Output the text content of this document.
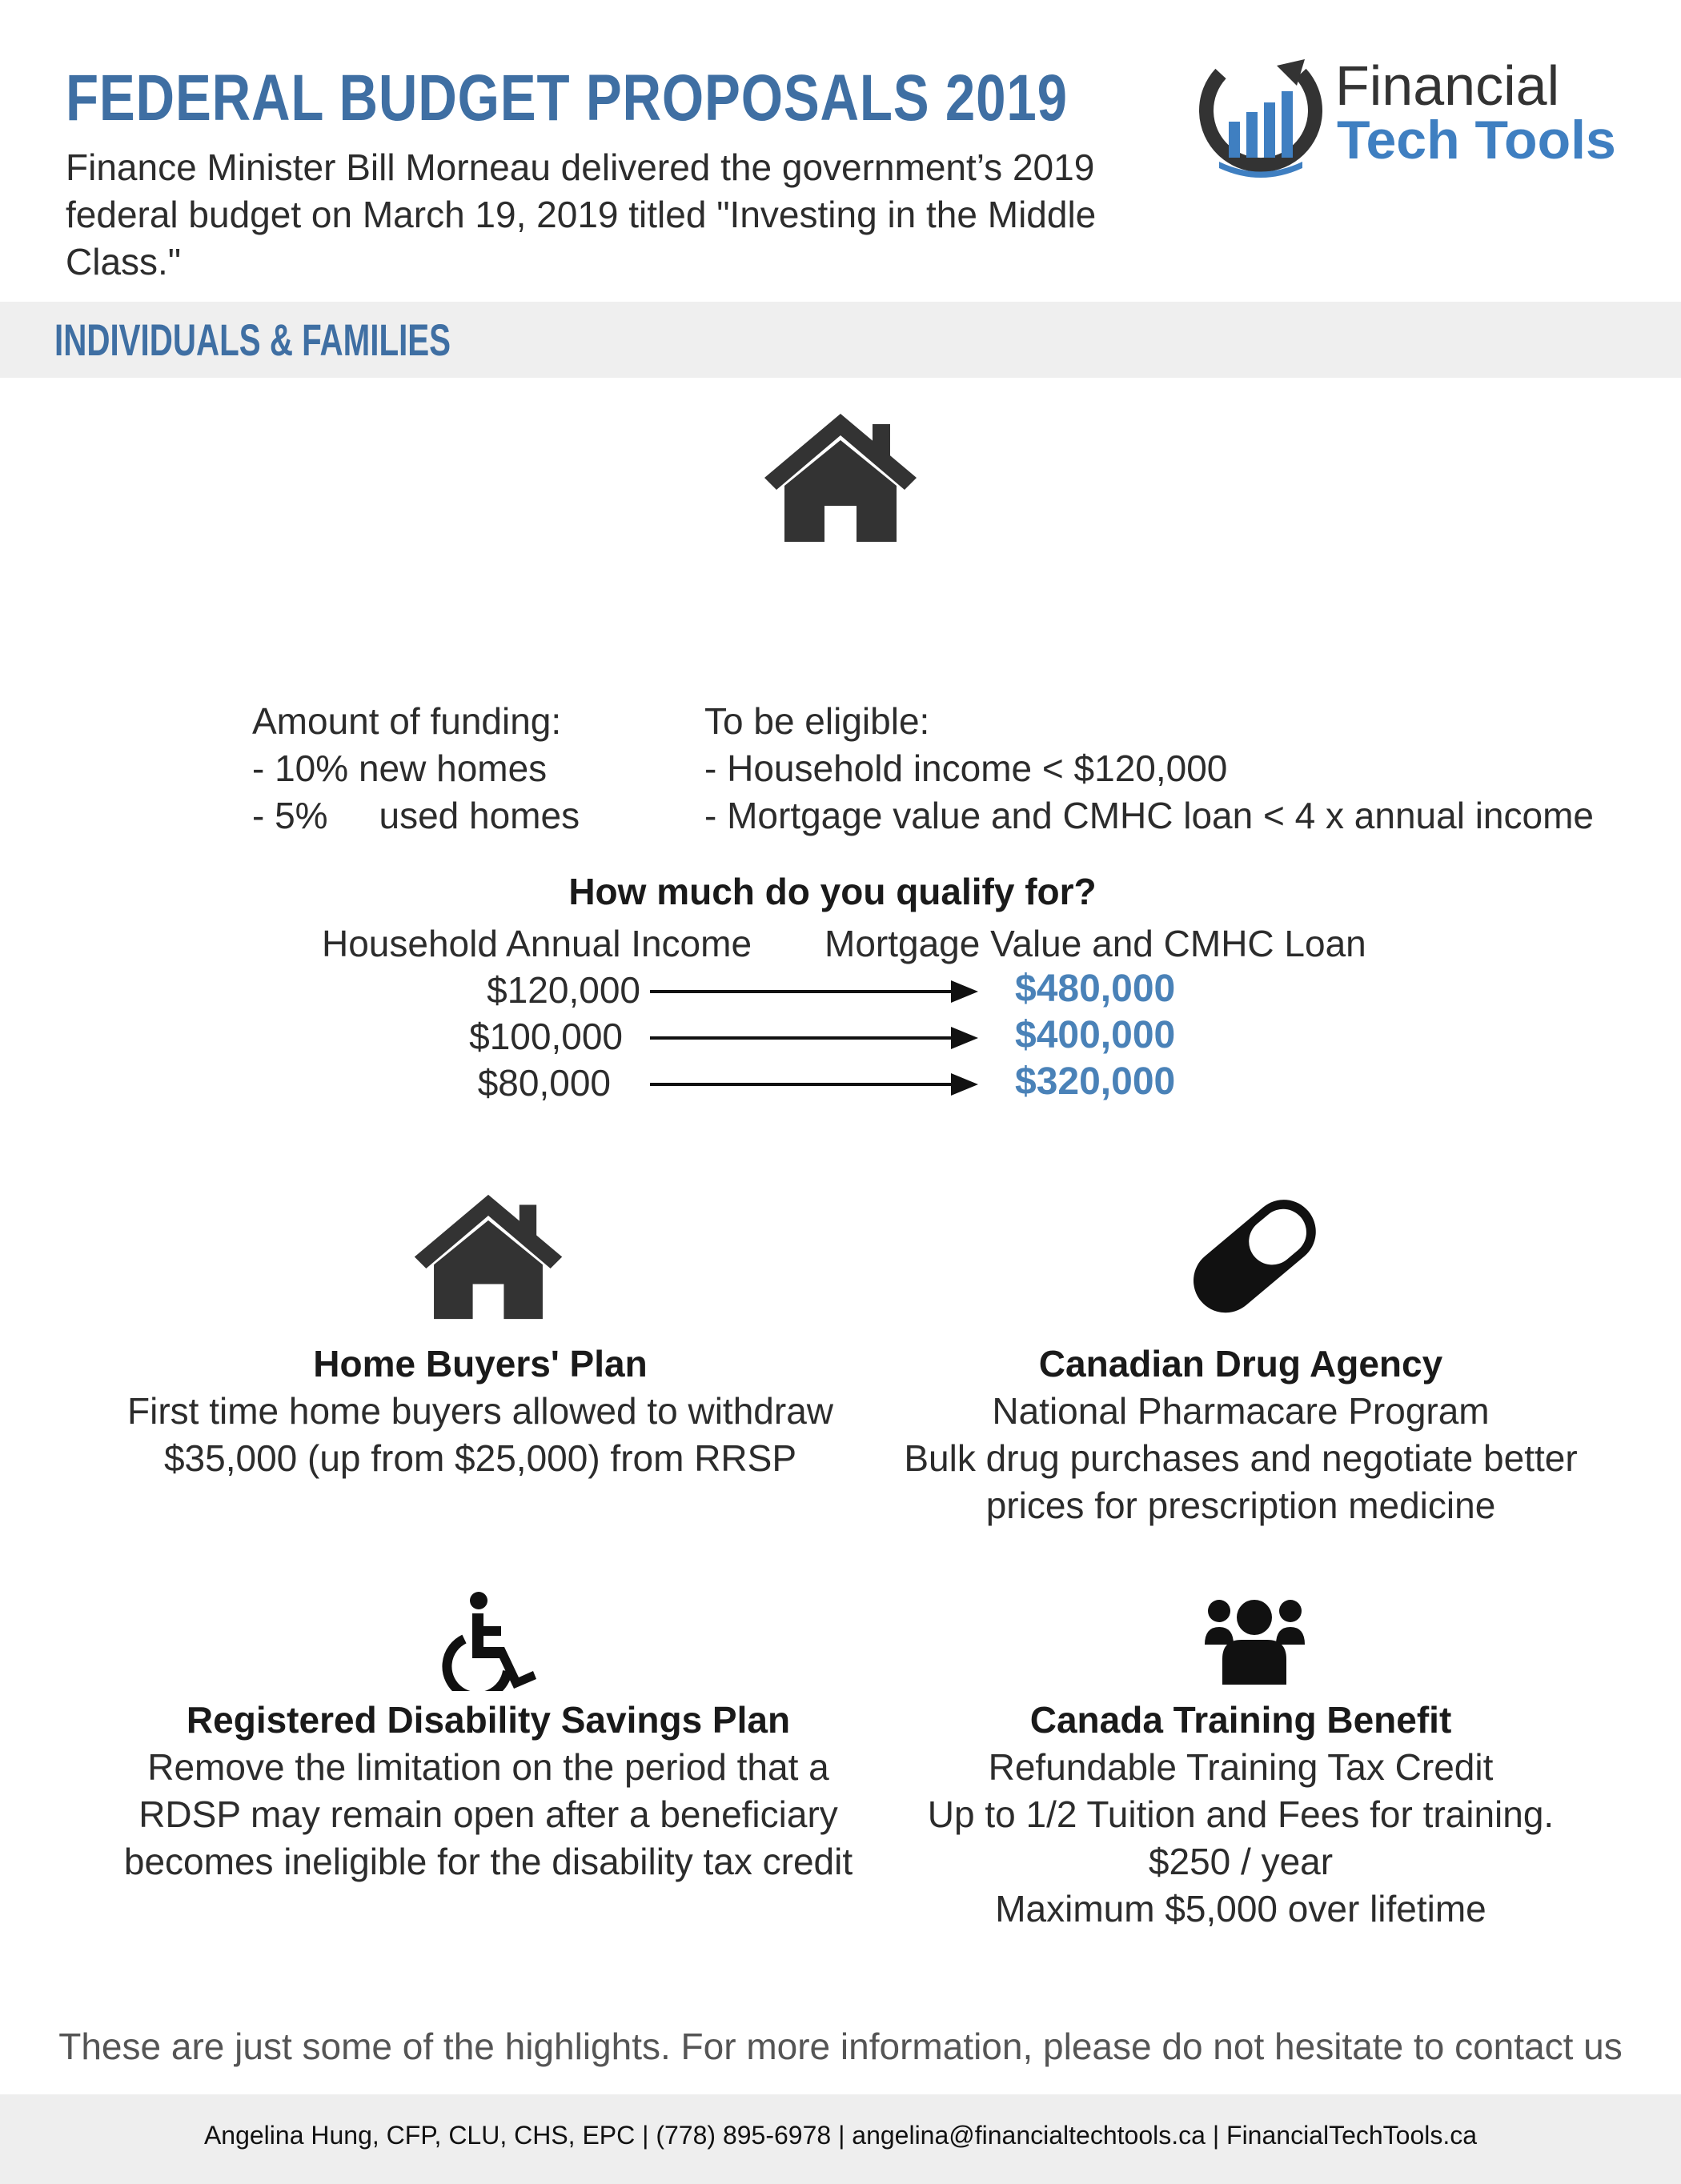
FEDERAL BUDGET PROPOSALS 2019
Finance Minister Bill Morneau delivered the government’s 2019
federal budget on March 19, 2019 titled "Investing in the Middle
Class."
Financial
Tech Tools
INDIVIDUALS & FAMILIES
Amount of funding:
- 10% new homes
- 5%     used homes
To be eligible:
- Household income < $120,000
- Mortgage value and CMHC loan < 4 x annual income
How much do you qualify for?
Household Annual Income Mortgage Value and CMHC Loan
$120,000	$480,000
$100,000	$400,000
$80,000	$320,000
Home Buyers' Plan
First time home buyers allowed to withdraw
$35,000 (up from $25,000) from RRSP
Canadian Drug Agency
National Pharmacare Program
Bulk drug purchases and negotiate better
prices for prescription medicine
Registered Disability Savings Plan
Remove the limitation on the period that a
RDSP may remain open after a beneficiary
becomes ineligible for the disability tax credit
Canada Training Benefit
Refundable Training Tax Credit
Up to 1/2 Tuition and Fees for training.
$250 / year
Maximum $5,000 over lifetime
These are just some of the highlights. For more information, please do not hesitate to contact us
Angelina Hung, CFP, CLU, CHS, EPC | (778) 895-6978 | angelina@financialtechtools.ca | FinancialTechTools.ca
